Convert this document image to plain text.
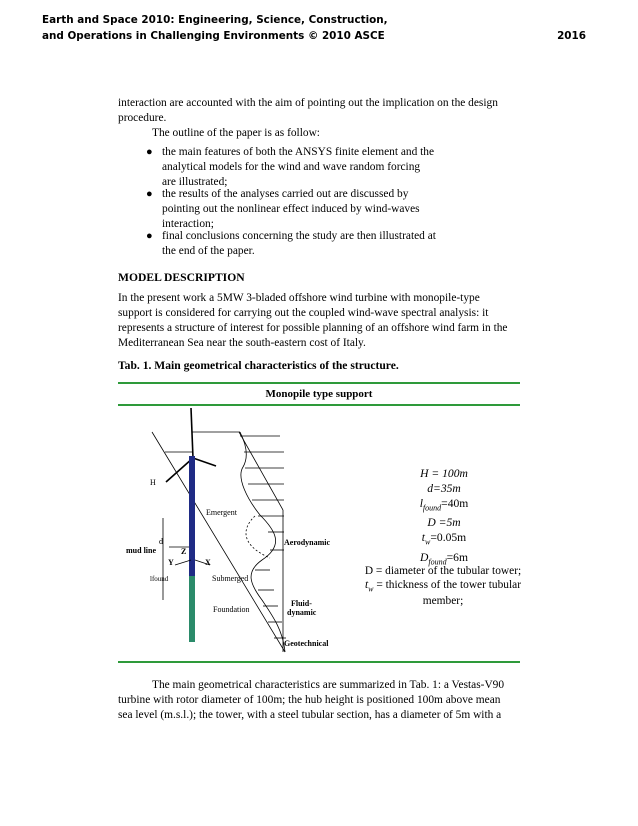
Earth and Space 2010: Engineering, Science, Construction,
and Operations in Challenging Environments © 2010 ASCE	2016
interaction are accounted with the aim of pointing out the implication on the design
procedure.
The outline of the paper is as follow:
● the main features of both the ANSYS finite element and the
analytical models for the wind and wave random forcing
are illustrated;
● the results of the analyses carried out are discussed by
pointing out the nonlinear effect induced by wind-waves
interaction;
● final conclusions concerning the study are then illustrated at
the end of the paper.
MODEL DESCRIPTION
In the present work a 5MW 3-bladed offshore wind turbine with monopile-type
support is considered for carrying out the coupled wind-wave spectral analysis: it
represents a structure of interest for possible planning of an offshore wind farm in the
Mediterranean Sea near the south-eastern cost of Italy.
Tab. 1. Main geometrical characteristics of the structure.
Monopile type support
H
d
mud line
lfound
Z
Y	X
Emergent
Submerged
Foundation
Aerodynamic
Fluid-
dynamic
Geotechnical
H = 100m
d=35m
$l_{found}=40m$
D =5m
$t_w=0.05m$
$D_{found}=6m$
D = diameter of the tubular tower;
$t_w$ = thickness of the tower tubular
member;
The main geometrical characteristics are summarized in Tab. 1: a Vestas-V90
turbine with rotor diameter of 100m; the hub height is positioned 100m above mean
sea level (m.s.l.); the tower, with a steel tubular section, has a diameter of 5m with a
